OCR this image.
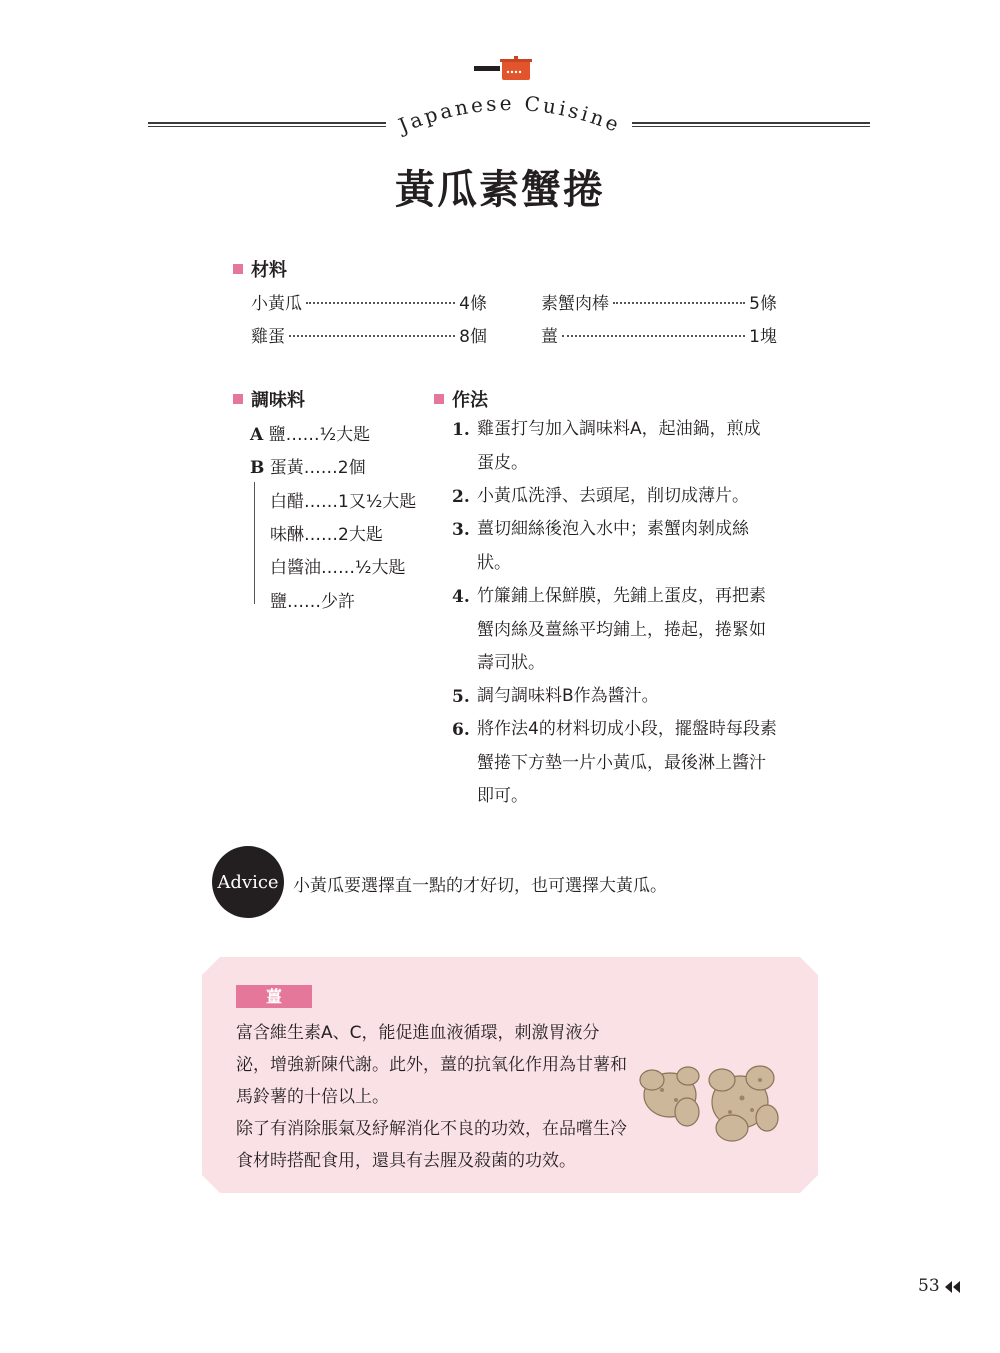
Japanese Cuisine
黃瓜素蟹捲
材料
小黃瓜	4條	素蟹肉棒	5條
雞蛋	8個	薑	1塊
調味料
A 鹽……½大匙
B 蛋黃……2個
白醋……1又½大匙
味醂……2大匙
白醬油……½大匙
鹽……少許
作法
1. 雞蛋打勻加入調味料A，起油鍋，煎成蛋皮。
2. 小黃瓜洗淨、去頭尾，削切成薄片。
3. 薑切細絲後泡入水中；素蟹肉剝成絲狀。
4. 竹簾鋪上保鮮膜，先鋪上蛋皮，再把素蟹肉絲及薑絲平均鋪上，捲起，捲緊如壽司狀。
5. 調勻調味料B作為醬汁。
6. 將作法4的材料切成小段，擺盤時每段素蟹捲下方墊一片小黃瓜，最後淋上醬汁即可。
Advice 小黃瓜要選擇直一點的才好切，也可選擇大黃瓜。
薑
富含維生素A、C，能促進血液循環，刺激胃液分泌，增強新陳代謝。此外，薑的抗氧化作用為甘薯和馬鈴薯的十倍以上。
除了有消除脹氣及紓解消化不良的功效，在品嚐生冷食材時搭配食用，還具有去腥及殺菌的功效。
53
